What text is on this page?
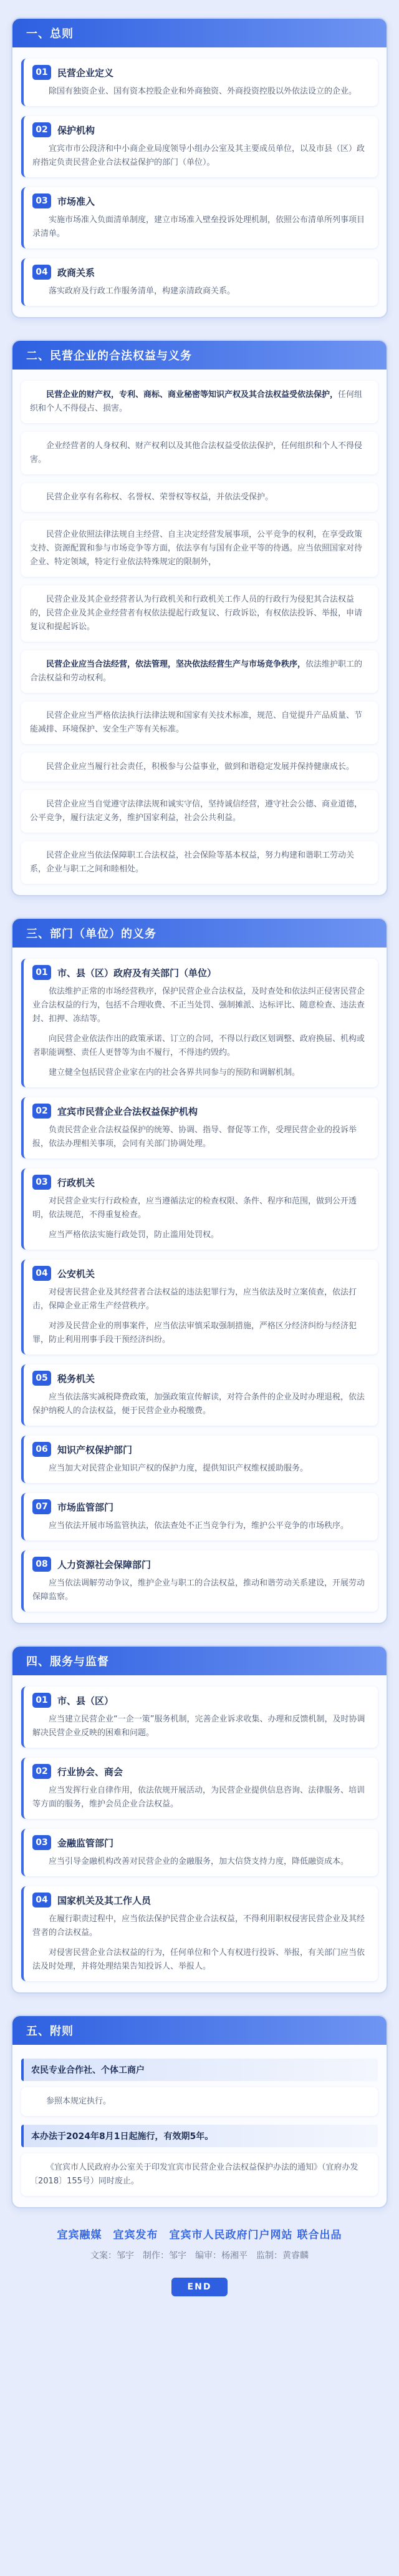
一、总则
01	民营企业定义

除国有独资企业、国有资本控股企业和外商独资、外商投资控股以外依法设立的企业。

02	保护机构

宜宾市市公段济和中小商企业局度领导小组办公室及其主要成员单位，以及市县（区）政府指定负责民营企业合法权益保护的部门（单位）。

03	市场准入

实施市场准入负面清单制度，建立市场准入壁垒投诉处理机制，依照公布清单所列事项目录清单。

04	政商关系

落实政府及行政工作服务清单，构建亲清政商关系。

二、民营企业的合法权益与义务

民营企业的财产权，专利、商标、商业秘密等知识产权及其合法权益受依法保护，任何组织和个人不得侵占、损害。

企业经营者的人身权利、财产权利以及其他合法权益受依法保护，任何组织和个人不得侵害。

民营企业享有名称权、名誉权、荣誉权等权益，并依法受保护。

民营企业依照法律法规自主经营、自主决定经营发展事项，公平竞争的权利，在享受政策支持、资源配置和参与市场竞争等方面，依法享有与国有企业平等的待遇。应当依照国家对待企业、特定领域，特定行业依法特殊规定的限制外，

民营企业及其企业经营者认为行政机关和行政机关工作人员的行政行为侵犯其合法权益的，民营企业及其企业经营者有权依法提起行政复议、行政诉讼，有权依法投诉、举报，申请复议和提起诉讼。

民营企业应当合法经营，依法管理，坚决依法经营生产与市场竞争秩序，依法维护职工的合法权益和劳动权利。

民营企业应当严格依法执行法律法规和国家有关技术标准，规范、自觉提升产品质量、节能减排、环境保护、安全生产等有关标准。

民营企业应当履行社会责任，积极参与公益事业，做到和谐稳定发展并保持健康成长。

民营企业应当自觉遵守法律法规和诚实守信，坚持诚信经营，遵守社会公德、商业道德，公平竞争，履行法定义务，维护国家利益，社会公共利益。

民营企业应当依法保障职工合法权益，社会保险等基本权益，努力构建和谐职工劳动关系，企业与职工之间和睦相处。

三、部门（单位）的义务
01	市、县（区）政府及有关部门（单位）

依法维护正常的市场经营秩序，保护民营企业合法权益，及时查处和依法纠正侵害民营企业合法权益的行为，包括不合理收费、不正当处罚、强制摊派、达标评比、随意检查、违法查封、扣押、冻结等。

向民营企业依法作出的政策承诺、订立的合同，不得以行政区划调整、政府换届、机构或者职能调整、责任人更替等为由不履行，不得违约毁约。

建立健全包括民营企业家在内的社会各界共同参与的预防和调解机制。

02	宜宾市民营企业合法权益保护机构

负责民营企业合法权益保护的统筹、协调、指导、督促等工作，受理民营企业的投诉举报，依法办理相关事项，会同有关部门协调处理。

03	行政机关

对民营企业实行行政检查，应当遵循法定的检查权限、条件、程序和范围，做到公开透明，依法规范，不得重复检查。

应当严格依法实施行政处罚，防止滥用处罚权。

04	公安机关

对侵害民营企业及其经营者合法权益的违法犯罪行为，应当依法及时立案侦查，依法打击，保障企业正常生产经营秩序。

对涉及民营企业的刑事案件，应当依法审慎采取强制措施，严格区分经济纠纷与经济犯罪，防止利用刑事手段干预经济纠纷。

05	税务机关

应当依法落实减税降费政策，加强政策宣传解读，对符合条件的企业及时办理退税，依法保护纳税人的合法权益，便于民营企业办税缴费。

06	知识产权保护部门

应当加大对民营企业知识产权的保护力度，提供知识产权维权援助服务。

07	市场监管部门

应当依法开展市场监管执法，依法查处不正当竞争行为，维护公平竞争的市场秩序。

08	人力资源社会保障部门

应当依法调解劳动争议，维护企业与职工的合法权益，推动和谐劳动关系建设，开展劳动保障监察。

四、服务与监督
01	市、县（区）

应当建立民营企业“一企一策”服务机制，完善企业诉求收集、办理和反馈机制，及时协调解决民营企业反映的困难和问题。

02	行业协会、商会

应当发挥行业自律作用，依法依规开展活动，为民营企业提供信息咨询、法律服务、培训等方面的服务，维护会员企业合法权益。

03	金融监管部门

应当引导金融机构改善对民营企业的金融服务，加大信贷支持力度，降低融资成本。

04	国家机关及其工作人员

在履行职责过程中，应当依法保护民营企业合法权益，不得利用职权侵害民营企业及其经营者的合法权益。

对侵害民营企业合法权益的行为，任何单位和个人有权进行投诉、举报，有关部门应当依法及时处理，并将处理结果告知投诉人、举报人。

五、附则
农民专业合作社、个体工商户

参照本规定执行。

本办法于2024年8月1日起施行，有效期5年。

《宜宾市人民政府办公室关于印发宜宾市民营企业合法权益保护办法的通知》（宜府办发〔2018〕155号）同时废止。

宜宾融媒　宜宾发布　宜宾市人民政府门户网站 联合出品
文案：邹宇　制作：邹宇　编审：杨湘平　监制：黄睿麟
END
